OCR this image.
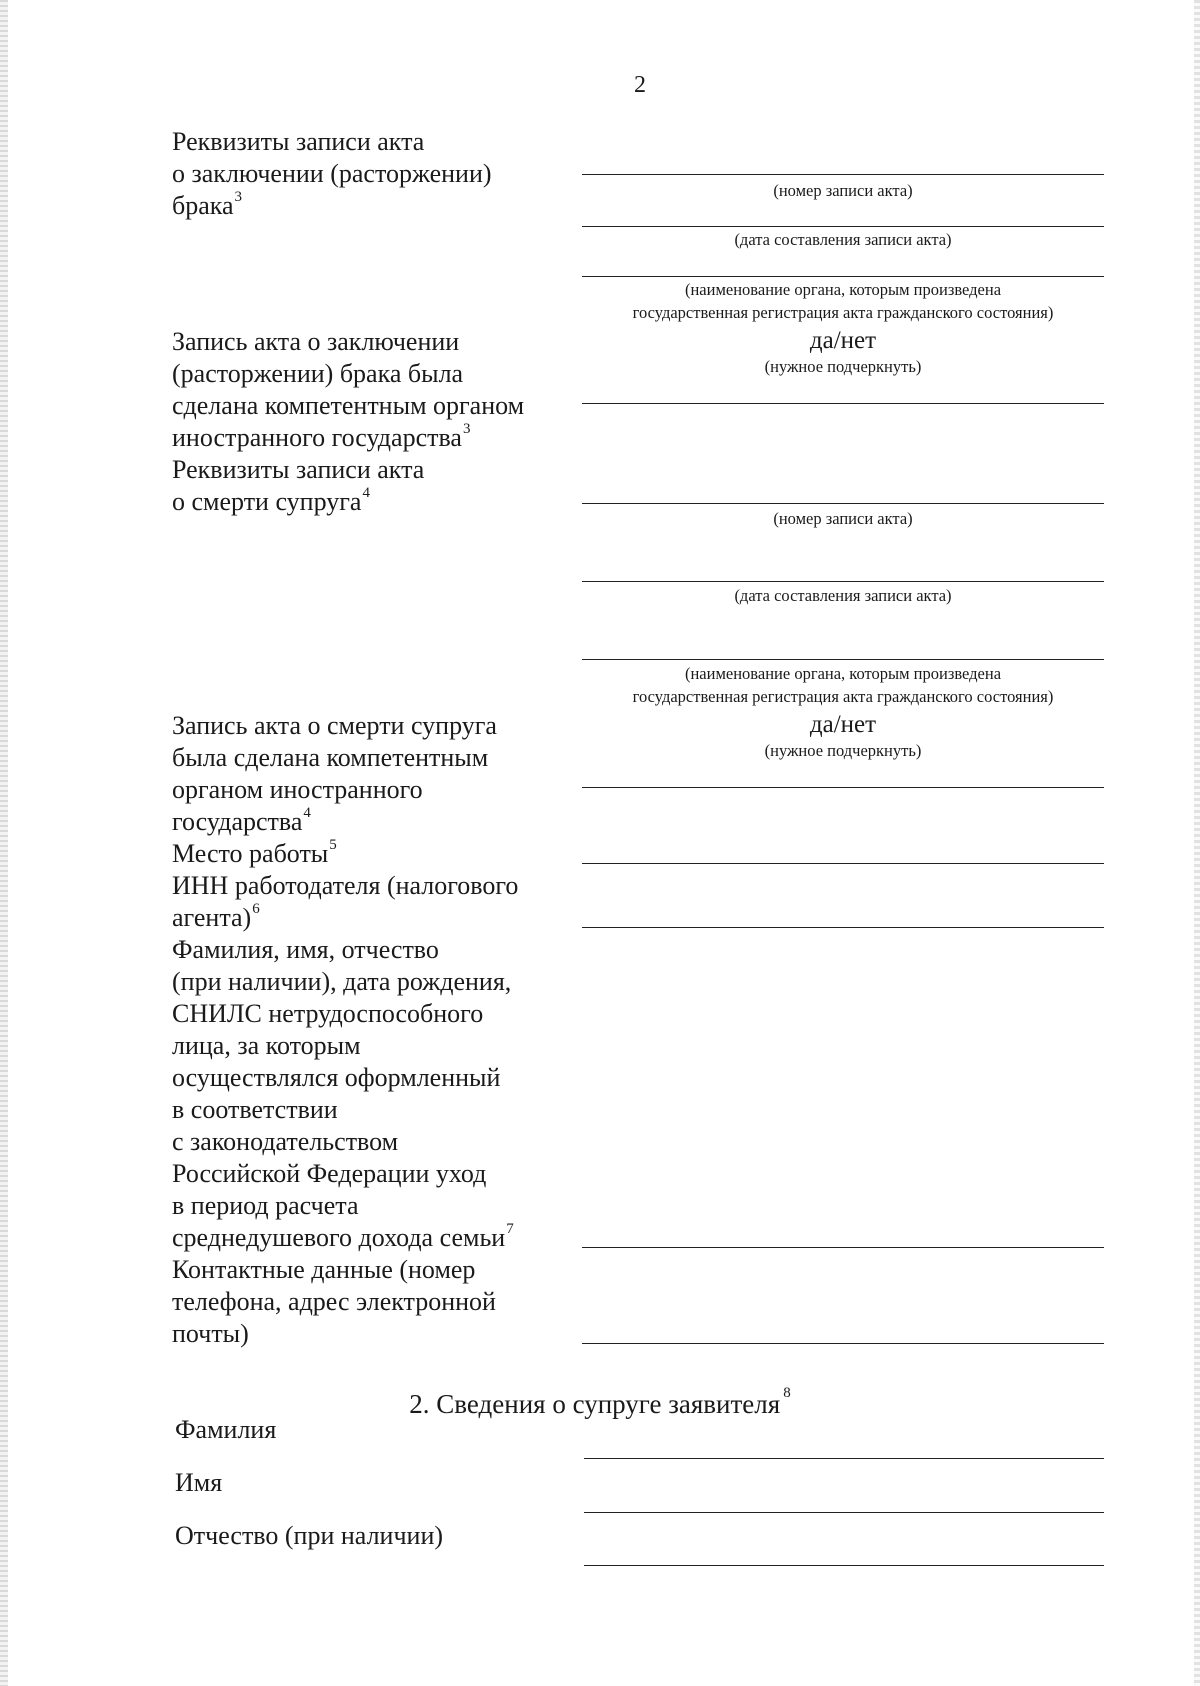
2

Реквизиты записи акта

о заключении (расторжении)

брака$^3$	(номер записи акта)
(дата составления записи акта)
(наименование органа, которым произведена
государственная регистрация акта гражданского состояния)

Запись акта о заключении

(расторжении) брака была

сделана компетентным органом

иностранного государства$^3$

да/нет
(нужное подчеркнуть)

Реквизиты записи акта

о смерти супруга$^4$

(номер записи акта)
(дата составления записи акта)
(наименование органа, которым произведена
государственная регистрация акта гражданского состояния)

Запись акта о смерти супруга

была сделана компетентным

органом иностранного

государства$^4$

да/нет
(нужное подчеркнуть)

Место работы$^5$

ИНН работодателя (налогового

агента)$^6$

Фамилия, имя, отчество

(при наличии), дата рождения,

СНИЛС нетрудоспособного

лица, за которым

осуществлялся оформленный

в соответствии

с законодательством

Российской Федерации уход

в период расчета

среднедушевого дохода семьи$^7$

Контактные данные (номер

телефона, адрес электронной

почты)

2. Сведения о супруге заявителя $^8$
Фамилия
Имя
Отчество (при наличии)
